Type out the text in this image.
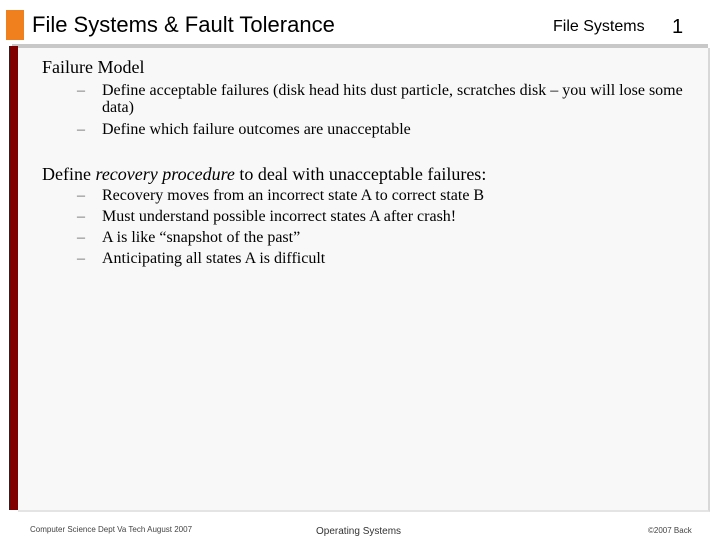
File Systems & Fault Tolerance	File Systems 1

Failure Model

– Define acceptable failures (disk head hits dust particle, scratches disk – you will lose some data)
– Define which failure outcomes are unacceptable

Define recovery procedure to deal with unacceptable failures:

– Recovery moves from an incorrect state A to correct state B
– Must understand possible incorrect states A after crash!
– A is like “snapshot of the past”
– Anticipating all states A is difficult
Computer Science Dept Va Tech August 2007	Operating Systems	©2007 Back
